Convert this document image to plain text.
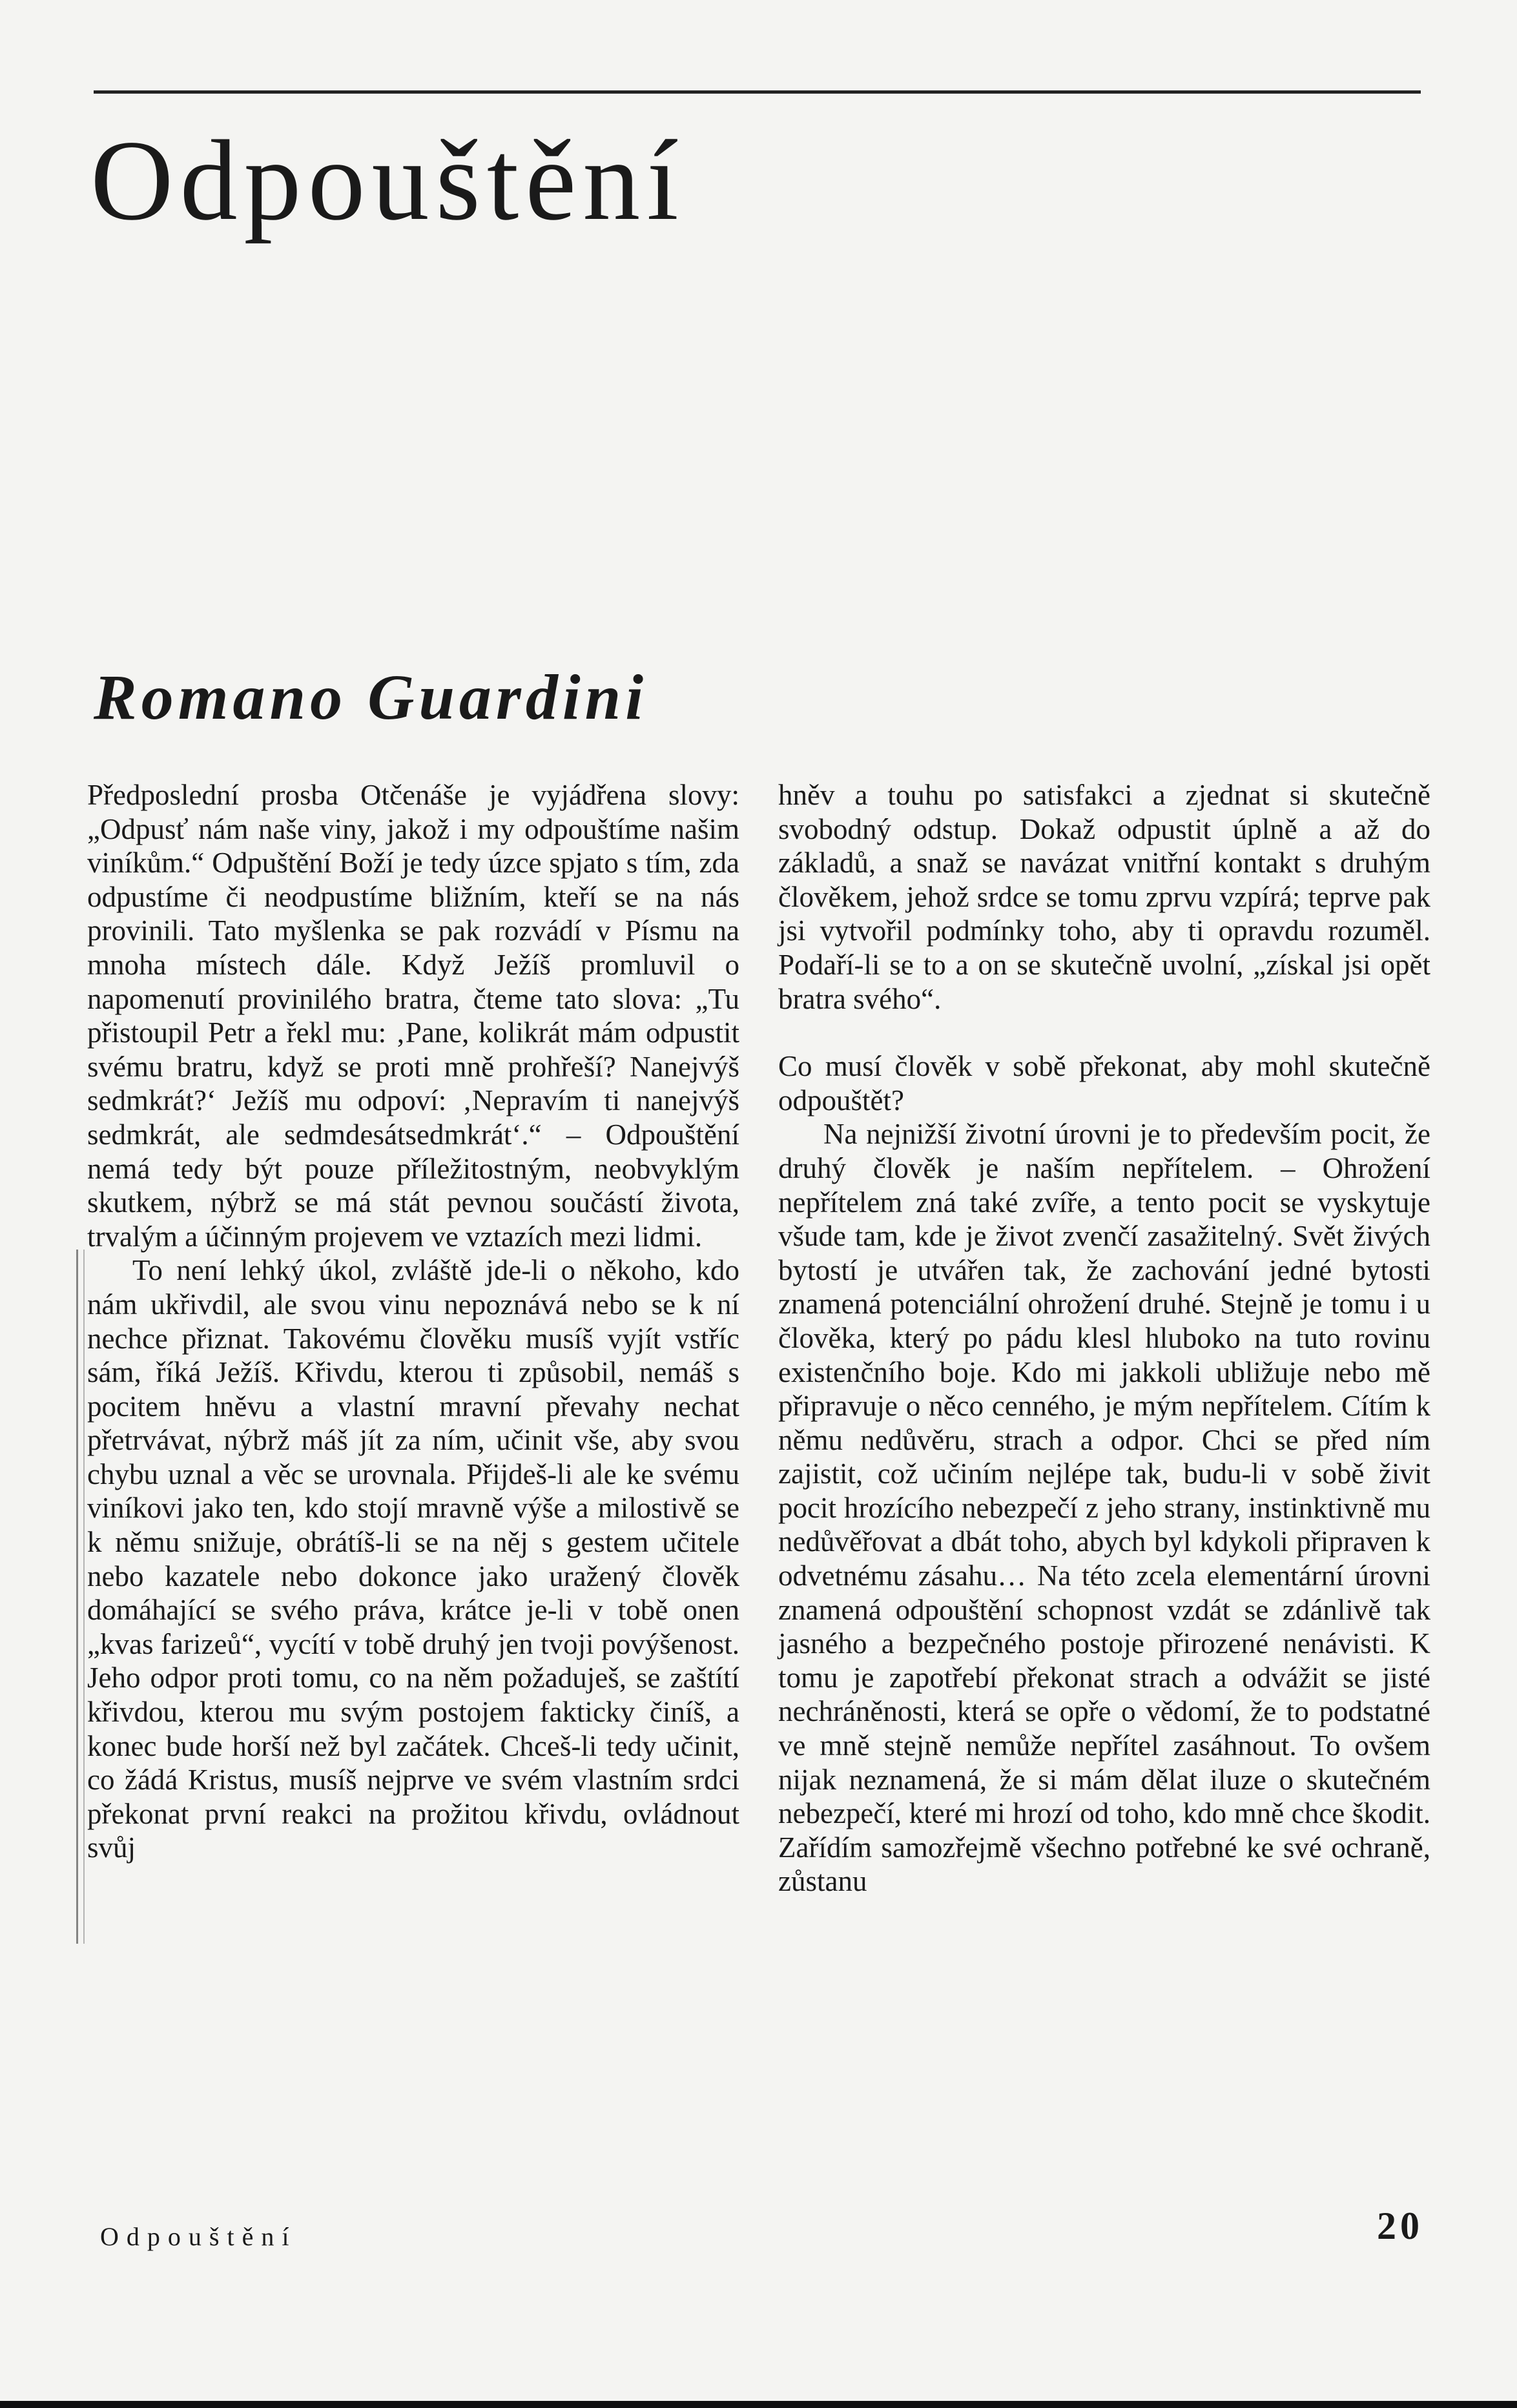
Odpouštění
Romano Guardini

Předposlední prosba Otčenáše je vyjádřena slovy: „Odpusť nám naše viny, jakož i my odpouštíme našim viníkům.“ Odpuštění Boží je tedy úzce spjato s tím, zda odpustíme či neodpustíme bližním, kteří se na nás provinili. Tato myšlenka se pak rozvádí v Písmu na mnoha místech dále. Když Ježíš promluvil o napomenutí provinilého bratra, čteme tato slova: „Tu přistoupil Petr a řekl mu: ‚Pane, kolikrát mám odpustit svému bratru, když se proti mně prohřeší? Nanejvýš sedmkrát?‘ Ježíš mu odpoví: ‚Nepravím ti nanejvýš sedmkrát, ale sedmdesátsedmkrát‘.“ – Odpouštění nemá tedy být pouze příležitostným, neobvyklým skutkem, nýbrž se má stát pevnou součástí života, trvalým a účinným projevem ve vztazích mezi lidmi.

To není lehký úkol, zvláště jde-li o někoho, kdo nám ukřivdil, ale svou vinu nepoznává nebo se k ní nechce přiznat. Takovému člověku musíš vyjít vstříc sám, říká Ježíš. Křivdu, kterou ti způsobil, nemáš s pocitem hněvu a vlastní mravní převahy nechat přetrvávat, nýbrž máš jít za ním, učinit vše, aby svou chybu uznal a věc se urovnala. Přijdeš-li ale ke svému viníkovi jako ten, kdo stojí mravně výše a milostivě se k němu snižuje, obrátíš-li se na něj s gestem učitele nebo kazatele nebo dokonce jako uražený člověk domáhající se svého práva, krátce je-li v tobě onen „kvas farizeů“, vycítí v tobě druhý jen tvoji povýšenost. Jeho odpor proti tomu, co na něm požaduješ, se zaštítí křivdou, kterou mu svým postojem fakticky činíš, a konec bude horší než byl začátek. Chceš-li tedy učinit, co žádá Kristus, musíš nejprve ve svém vlastním srdci překonat první reakci na prožitou křivdu, ovládnout svůj

hněv a touhu po satisfakci a zjednat si skutečně svobodný odstup. Dokaž odpustit úplně a až do základů, a snaž se navázat vnitřní kontakt s druhým člověkem, jehož srdce se tomu zprvu vzpírá; teprve pak jsi vytvořil podmínky toho, aby ti opravdu rozuměl. Podaří-li se to a on se skutečně uvolní, „získal jsi opět bratra svého“.

Co musí člověk v sobě překonat, aby mohl skutečně odpouštět?

Na nejnižší životní úrovni je to především pocit, že druhý člověk je naším nepřítelem. – Ohrožení nepřítelem zná také zvíře, a tento pocit se vyskytuje všude tam, kde je život zvenčí zasažitelný. Svět živých bytostí je utvářen tak, že zachování jedné bytosti znamená potenciální ohrožení druhé. Stejně je tomu i u člověka, který po pádu klesl hluboko na tuto rovinu existenčního boje. Kdo mi jakkoli ubližuje nebo mě připravuje o něco cenného, je mým nepřítelem. Cítím k němu nedůvěru, strach a odpor. Chci se před ním zajistit, což učiním nejlépe tak, budu-li v sobě živit pocit hrozícího nebezpečí z jeho strany, instinktivně mu nedůvěřovat a dbát toho, abych byl kdykoli připraven k odvetnému zásahu… Na této zcela elementární úrovni znamená odpouštění schopnost vzdát se zdánlivě tak jasného a bezpečného postoje přirozené nenávisti. K tomu je zapotřebí překonat strach a odvážit se jisté nechráněnosti, která se opře o vědomí, že to podstatné ve mně stejně nemůže nepřítel zasáhnout. To ovšem nijak neznamená, že si mám dělat iluze o skutečném nebezpečí, které mi hrozí od toho, kdo mně chce škodit. Zařídím samozřejmě všechno potřebné ke své ochraně, zůstanu

Odpouštění	20
